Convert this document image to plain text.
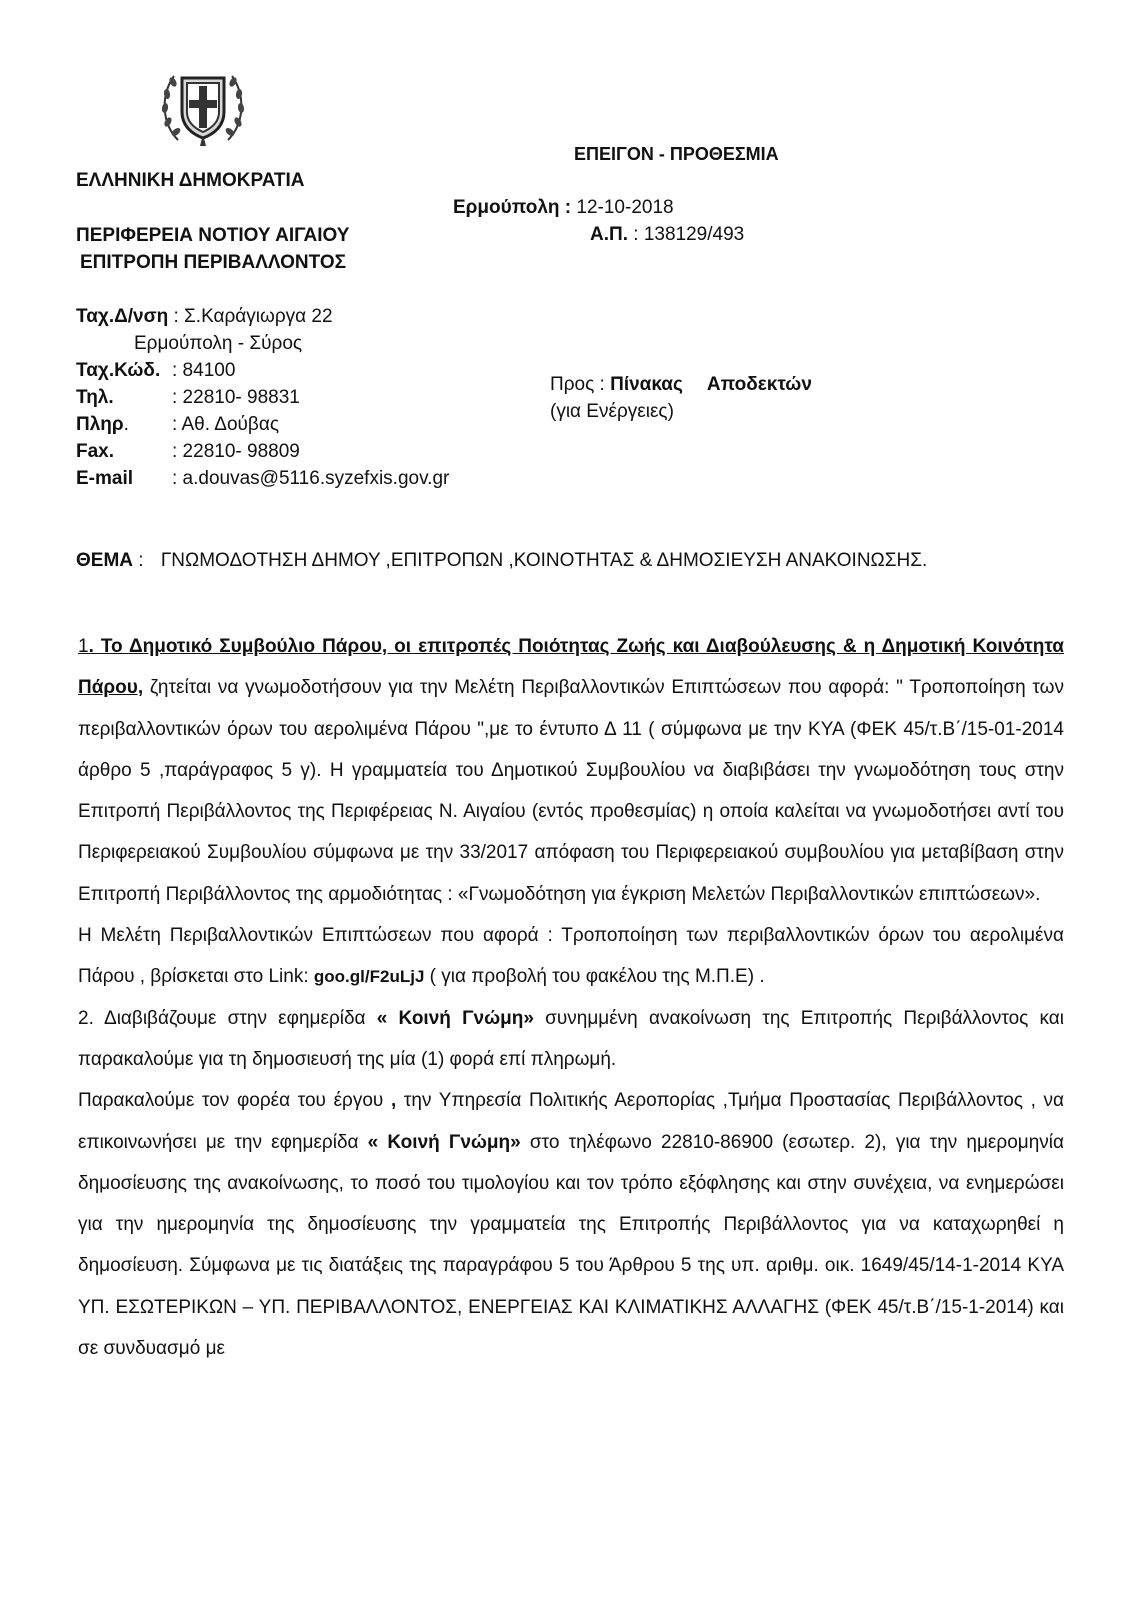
ΕΠΕΙΓΟΝ - ΠΡΟΘΕΣΜΙΑ
ΕΛΛΗΝΙΚΗ ΔΗΜΟΚΡΑΤΙΑ
ΠΕΡΙΦΕΡΕΙΑ ΝΟΤΙΟΥ ΑΙΓΑΙΟΥ
ΕΠΙΤΡΟΠΗ ΠΕΡΙΒΑΛΛΟΝΤΟΣ
Ερμούπολη : 12-10-2018
Α.Π. : 138129/493
Ταχ.Δ/νση : Σ.Καράγιωργα 22
Ερμούπολη - Σύρος
Ταχ.Κώδ. : 84100
Τηλ.	: 22810- 98831
Πληρ. : Αθ. Δούβας
Fax.	: 22810- 98809
E-mail : a.douvas@5116.syzefxis.gov.gr
Προς : Πίνακας Αποδεκτών
(για Ενέργειες)
ΘΕΜΑ : ΓΝΩΜΟΔΟΤΗΣΗ ΔΗΜΟΥ ,ΕΠΙΤΡΟΠΩΝ ,ΚΟΙΝΟΤΗΤΑΣ & ΔΗΜΟΣΙΕΥΣΗ ΑΝΑΚΟΙΝΩΣΗΣ.

1. Το Δημοτικό Συμβούλιο Πάρου, οι επιτροπές Ποιότητας Ζωής και Διαβούλευσης & η Δημοτική Κοινότητα Πάρου, ζητείται να γνωμοδοτήσουν για την Μελέτη Περιβαλλοντικών Επιπτώσεων που αφορά: " Τροποποίηση των περιβαλλοντικών όρων του αερολιμένα Πάρου ",με το έντυπο Δ 11 ( σύμφωνα με την ΚΥΑ (ΦΕΚ 45/τ.Β΄/15-01-2014 άρθρο 5 ,παράγραφος 5 γ). Η γραμματεία του Δημοτικού Συμβουλίου να διαβιβάσει την γνωμοδότηση τους στην Επιτροπή Περιβάλλοντος της Περιφέρειας Ν. Αιγαίου (εντός προθεσμίας) η οποία καλείται να γνωμοδοτήσει αντί του Περιφερειακού Συμβουλίου σύμφωνα με την 33/2017 απόφαση του Περιφερειακού συμβουλίου για μεταβίβαση στην Επιτροπή Περιβάλλοντος της αρμοδιότητας : «Γνωμοδότηση για έγκριση Μελετών Περιβαλλοντικών επιπτώσεων».

Η Μελέτη Περιβαλλοντικών Επιπτώσεων που αφορά : Τροποποίηση των περιβαλλοντικών όρων του αερολιμένα Πάρου , βρίσκεται στο Link: goo.gl/F2uLjJ ( για προβολή του φακέλου της Μ.Π.Ε) .

2. Διαβιβάζουμε στην εφημερίδα « Κοινή Γνώμη» συνημμένη ανακοίνωση της Επιτροπής Περιβάλλοντος και παρακαλούμε για τη δημοσιευσή της μία (1) φορά επί πληρωμή.

Παρακαλούμε τον φορέα του έργου , την Υπηρεσία Πολιτικής Αεροπορίας ,Τμήμα Προστασίας Περιβάλλοντος , να επικοινωνήσει με την εφημερίδα « Κοινή Γνώμη» στο τηλέφωνο 22810-86900 (εσωτερ. 2), για την ημερομηνία δημοσίευσης της ανακοίνωσης, το ποσό του τιμολογίου και τον τρόπο εξόφλησης και στην συνέχεια, να ενημερώσει για την ημερομηνία της δημοσίευσης την γραμματεία της Επιτροπής Περιβάλλοντος για να καταχωρηθεί η δημοσίευση. Σύμφωνα με τις διατάξεις της παραγράφου 5 του Άρθρου 5 της υπ. αριθμ. οικ. 1649/45/14-1-2014 ΚΥΑ ΥΠ. ΕΣΩΤΕΡΙΚΩΝ – ΥΠ. ΠΕΡΙΒΑΛΛΟΝΤΟΣ, ΕΝΕΡΓΕΙΑΣ ΚΑΙ ΚΛΙΜΑΤΙΚΗΣ ΑΛΛΑΓΗΣ (ΦΕΚ 45/τ.Β΄/15-1-2014) και σε συνδυασμό με
